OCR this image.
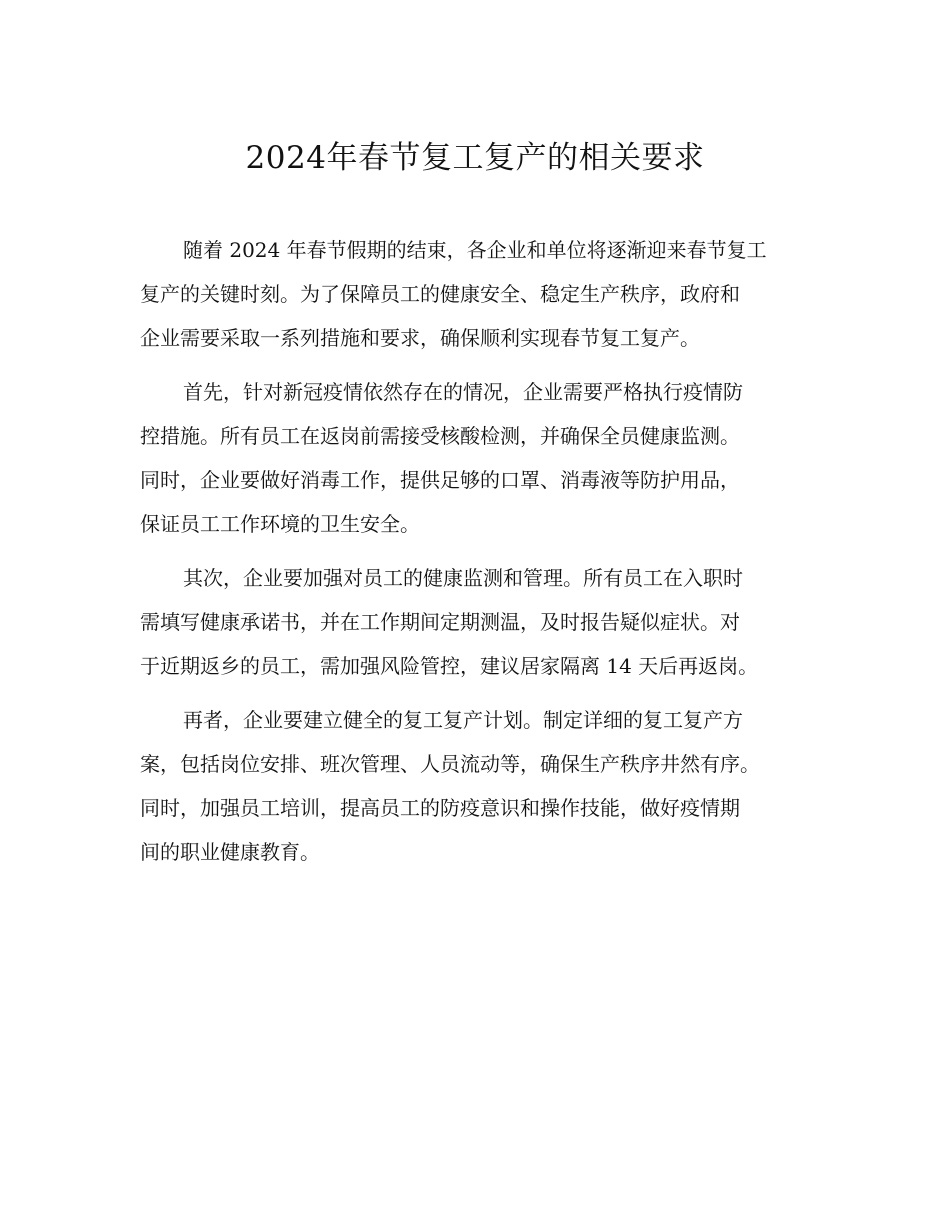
2024年春节复工复产的相关要求
随着 2024 年春节假期的结束，各企业和单位将逐渐迎来春节复工
复产的关键时刻。为了保障员工的健康安全、稳定生产秩序，政府和
企业需要采取一系列措施和要求，确保顺利实现春节复工复产。
首先，针对新冠疫情依然存在的情况，企业需要严格执行疫情防
控措施。所有员工在返岗前需接受核酸检测，并确保全员健康监测。
同时，企业要做好消毒工作，提供足够的口罩、消毒液等防护用品，
保证员工工作环境的卫生安全。
其次，企业要加强对员工的健康监测和管理。所有员工在入职时
需填写健康承诺书，并在工作期间定期测温，及时报告疑似症状。对
于近期返乡的员工，需加强风险管控，建议居家隔离 14 天后再返岗。
再者，企业要建立健全的复工复产计划。制定详细的复工复产方
案，包括岗位安排、班次管理、人员流动等，确保生产秩序井然有序。
同时，加强员工培训，提高员工的防疫意识和操作技能，做好疫情期
间的职业健康教育。
